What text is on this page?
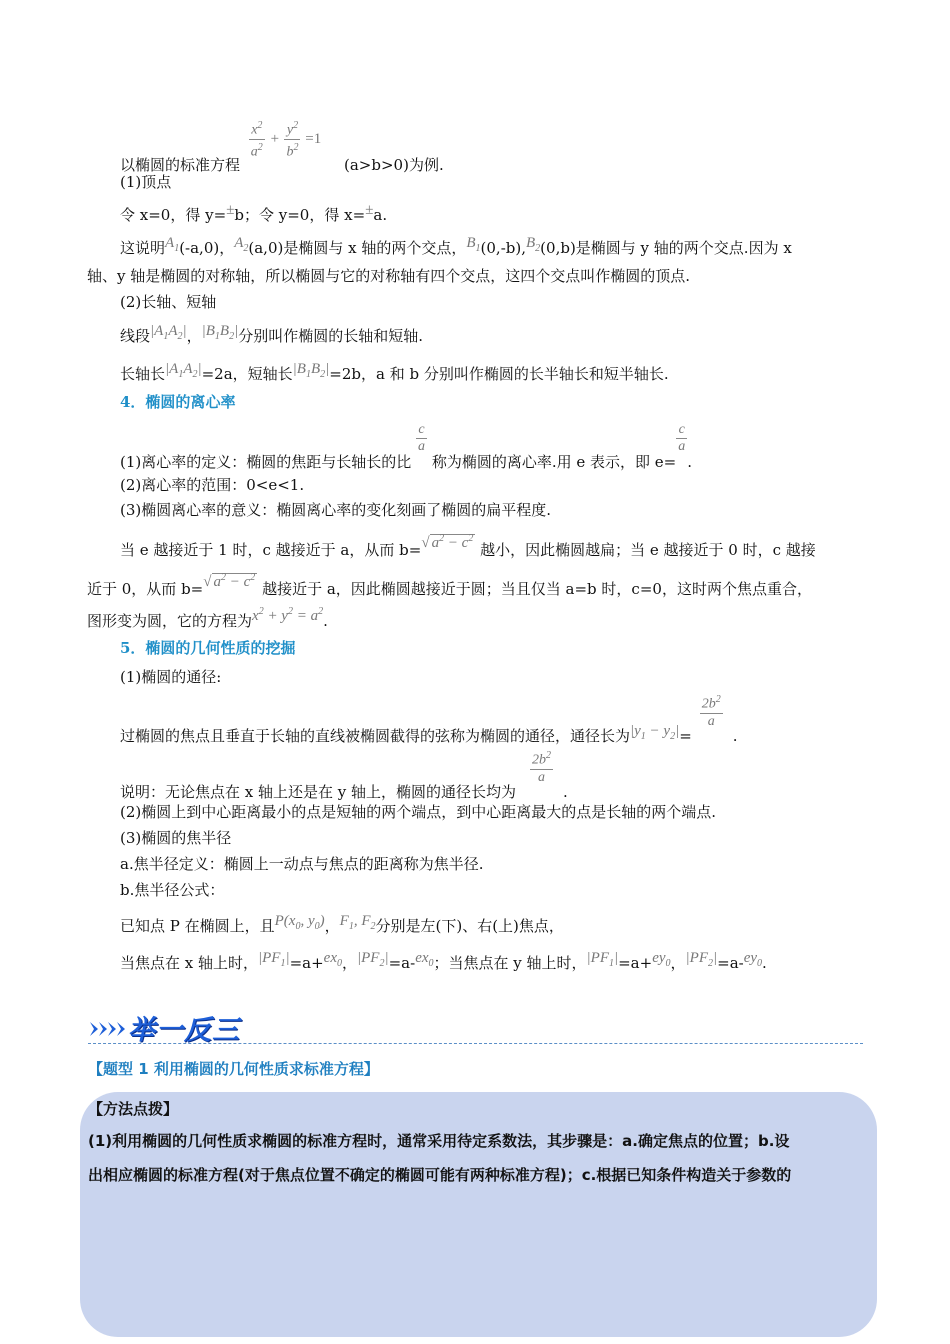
以椭圆的标准方程
$\frac{x^2}{a^2} + \frac{y^2}{b^2} =1$ (a>b>0)为例.
(1)顶点
令 x=0，得 y=±b；令 y=0，得 x=±a.
这说明$A_1(-a,0)$，$A_2(a,0)$是椭圆与 x 轴的两个交点，$B_1(0,-b),B_2(0,b)$是椭圆与 y 轴的两个交点.因为 x
轴、y 轴是椭圆的对称轴，所以椭圆与它的对称轴有四个交点，这四个交点叫作椭圆的顶点.
(2)长轴、短轴
线段$|A_1A_2|$，$|B_1B_2|$分别叫作椭圆的长轴和短轴.
长轴长$|A_1A_2|=2a$，短轴长$|B_1B_2|=2b$，a 和 b 分别叫作椭圆的长半轴长和短半轴长.
4．椭圆的离心率
(1)离心率的定义：椭圆的焦距与长轴长的比
$\frac{c}{a}$
称为椭圆的离心率.用 e 表示，即 e=
$\frac{c}{a}$
.
(2)离心率的范围：0<e<1.
(3)椭圆离心率的意义：椭圆离心率的变化刻画了椭圆的扁平程度.
当 e 越接近于 1 时，c 越接近于 a，从而 b=√ $a^2 - c^2$ 越小，因此椭圆越扁；当 e 越接近于 0 时，c 越接
近于 0，从而 b=√ $a^2 - c^2$ 越接近于 a，因此椭圆越接近于圆；当且仅当 a=b 时，c=0，这时两个焦点重合，
图形变为圆，它的方程为$x^2 + y^2 = a^2$.
5．椭圆的几何性质的挖掘
(1)椭圆的通径:
过椭圆的焦点且垂直于长轴的直线被椭圆截得的弦称为椭圆的通径，通径长为$|y_1 - y_2|=$
$\frac{2b^2}{a}$
.
说明：无论焦点在 x 轴上还是在 y 轴上，椭圆的通径长均为
$\frac{2b^2}{a}$
.
(2)椭圆上到中心距离最小的点是短轴的两个端点，到中心距离最大的点是长轴的两个端点.
(3)椭圆的焦半径
a.焦半径定义：椭圆上一动点与焦点的距离称为焦半径.
b.焦半径公式：
已知点 P 在椭圆上，且$P(x_0$, $y_0$)，$F_1$, $F_2$分别是左(下)、右(上)焦点，
当焦点在 x 轴上时，$|PF_1|=a+ex_0$，$|PF_2|=a-ex_0$；当焦点在 y 轴上时，$|PF_1|=a+ey_0$，$|PF_2|=a-ey_0$.
举一反三
【题型 1 利用椭圆的几何性质求标准方程】
【方法点拨】
(1)利用椭圆的几何性质求椭圆的标准方程时，通常采用待定系数法，其步骤是：a.确定焦点的位置；b.设
出相应椭圆的标准方程(对于焦点位置不确定的椭圆可能有两种标准方程)；c.根据已知条件构造关于参数的
